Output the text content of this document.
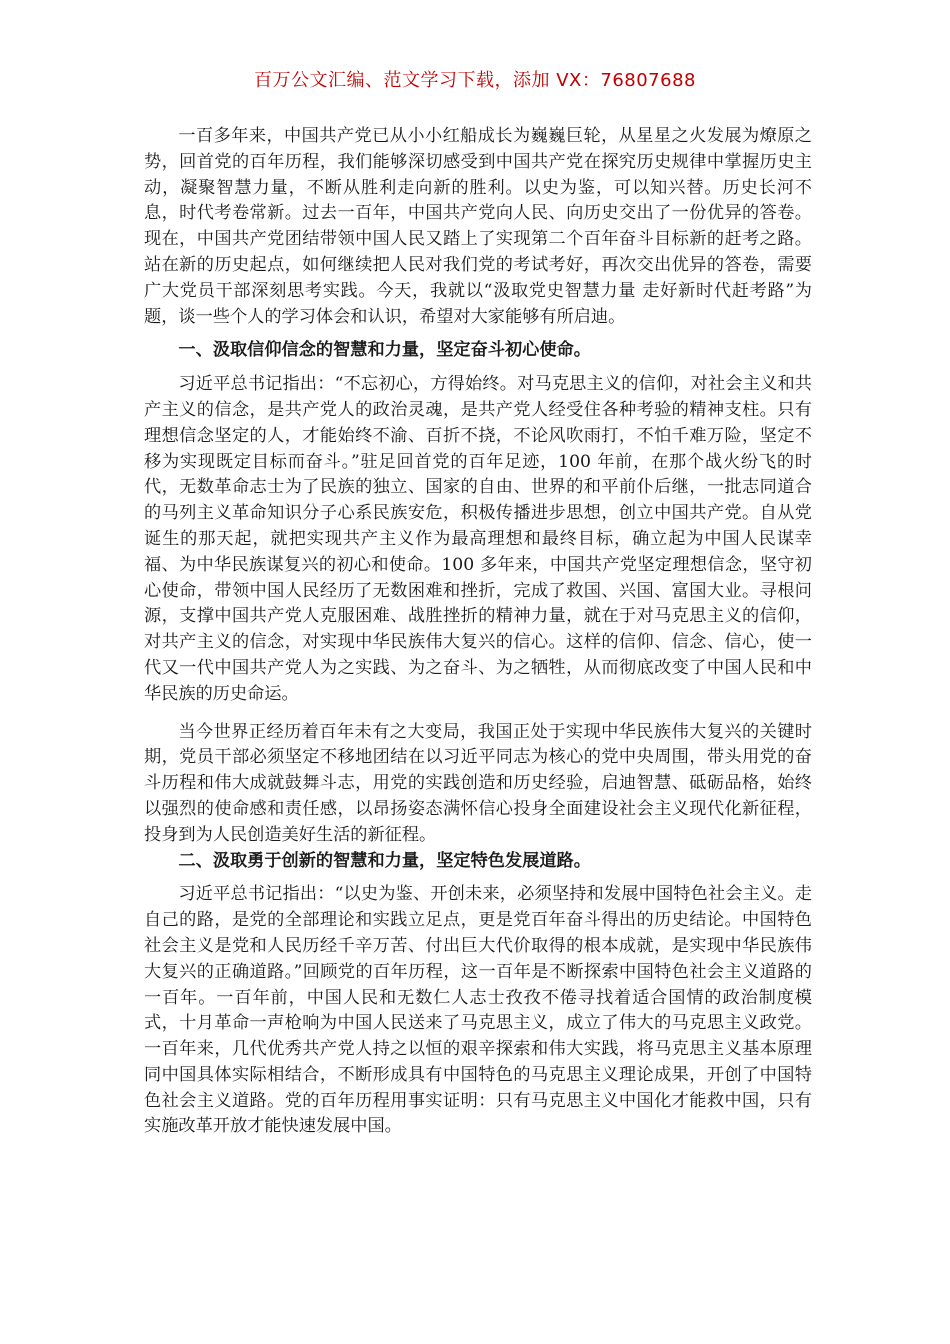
百万公文汇编、范文学习下载，添加 VX：76807688

一百多年来，中国共产党已从小小红船成长为巍巍巨轮，从星星之火发展为燎原之势，回首党的百年历程，我们能够深切感受到中国共产党在探究历史规律中掌握历史主动，凝聚智慧力量，不断从胜利走向新的胜利。以史为鉴，可以知兴替。历史长河不息，时代考卷常新。过去一百年，中国共产党向人民、向历史交出了一份优异的答卷。现在，中国共产党团结带领中国人民又踏上了实现第二个百年奋斗目标新的赶考之路。站在新的历史起点，如何继续把人民对我们党的考试考好，再次交出优异的答卷，需要广大党员干部深刻思考实践。今天，我就以“汲取党史智慧力量 走好新时代赶考路”为题，谈一些个人的学习体会和认识，希望对大家能够有所启迪。

一、汲取信仰信念的智慧和力量，坚定奋斗初心使命。

习近平总书记指出：“不忘初心，方得始终。对马克思主义的信仰，对社会主义和共产主义的信念，是共产党人的政治灵魂，是共产党人经受住各种考验的精神支柱。只有理想信念坚定的人，才能始终不渝、百折不挠，不论风吹雨打，不怕千难万险，坚定不移为实现既定目标而奋斗。”驻足回首党的百年足迹，100 年前，在那个战火纷飞的时代，无数革命志士为了民族的独立、国家的自由、世界的和平前仆后继，一批志同道合的马列主义革命知识分子心系民族安危，积极传播进步思想，创立中国共产党。自从党诞生的那天起，就把实现共产主义作为最高理想和最终目标，确立起为中国人民谋幸福、为中华民族谋复兴的初心和使命。100 多年来，中国共产党坚定理想信念，坚守初心使命，带领中国人民经历了无数困难和挫折，完成了救国、兴国、富国大业。寻根问源，支撑中国共产党人克服困难、战胜挫折的精神力量，就在于对马克思主义的信仰，对共产主义的信念，对实现中华民族伟大复兴的信心。这样的信仰、信念、信心，使一代又一代中国共产党人为之实践、为之奋斗、为之牺牲，从而彻底改变了中国人民和中华民族的历史命运。

当今世界正经历着百年未有之大变局，我国正处于实现中华民族伟大复兴的关键时期，党员干部必须坚定不移地团结在以习近平同志为核心的党中央周围，带头用党的奋斗历程和伟大成就鼓舞斗志，用党的实践创造和历史经验，启迪智慧、砥砺品格，始终以强烈的使命感和责任感，以昂扬姿态满怀信心投身全面建设社会主义现代化新征程，投身到为人民创造美好生活的新征程。

二、汲取勇于创新的智慧和力量，坚定特色发展道路。

习近平总书记指出：“以史为鉴、开创未来，必须坚持和发展中国特色社会主义。走自己的路，是党的全部理论和实践立足点，更是党百年奋斗得出的历史结论。中国特色社会主义是党和人民历经千辛万苦、付出巨大代价取得的根本成就，是实现中华民族伟大复兴的正确道路。”回顾党的百年历程，这一百年是不断探索中国特色社会主义道路的一百年。一百年前，中国人民和无数仁人志士孜孜不倦寻找着适合国情的政治制度模式，十月革命一声枪响为中国人民送来了马克思主义，成立了伟大的马克思主义政党。一百年来，几代优秀共产党人持之以恒的艰辛探索和伟大实践，将马克思主义基本原理同中国具体实际相结合，不断形成具有中国特色的马克思主义理论成果，开创了中国特色社会主义道路。党的百年历程用事实证明：只有马克思主义中国化才能救中国，只有实施改革开放才能快速发展中国。
